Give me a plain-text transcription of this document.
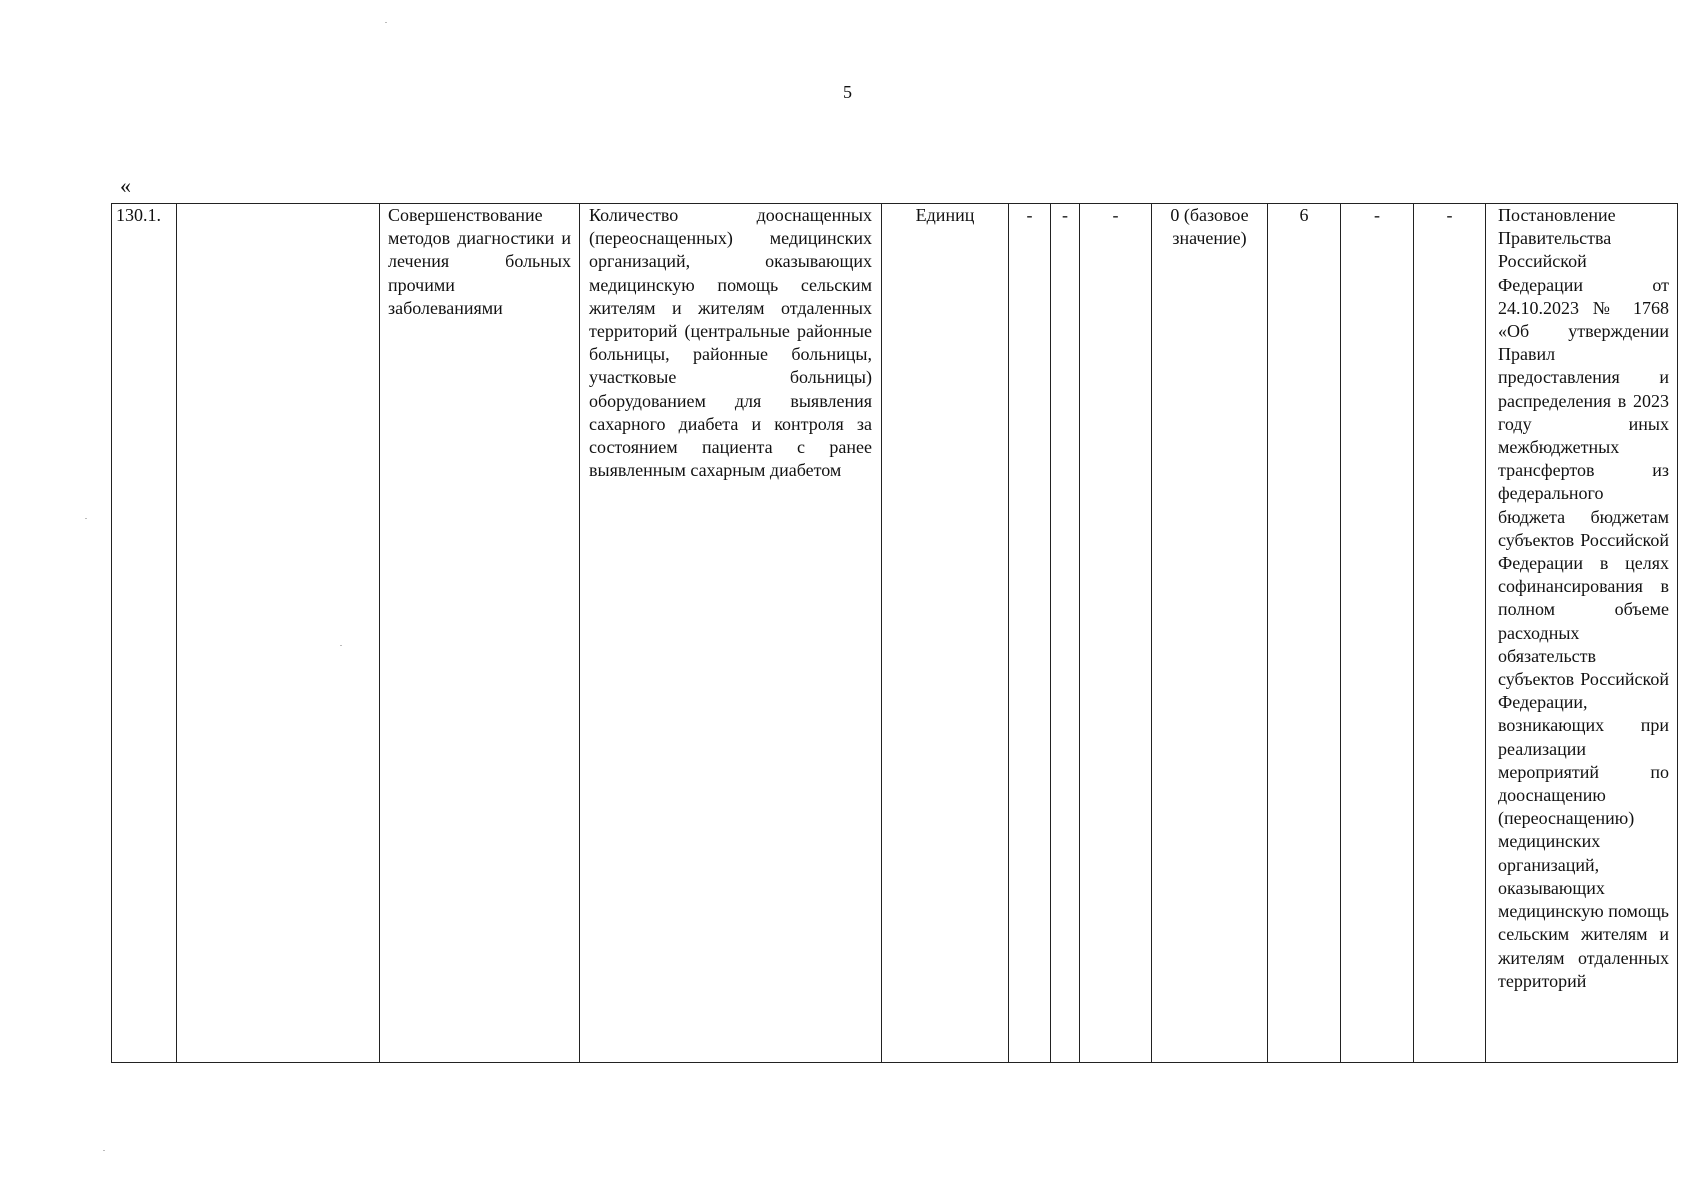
5
«
130.1.		Совершенствование методов диагностики и лечения больных прочими заболеваниями	Количество дооснащенных (переоснащенных) медицинских организаций, оказывающих медицинскую помощь сельским жителям и жителям отдаленных территорий (центральные районные больницы, районные больницы, участковые больницы) оборудованием для выявления сахарного диабета и контроля за состоянием пациента с ранее выявленным сахарным диабетом	Единиц	-	-	-	0 (базовое значение)	6	-	-	Постановление Правительства Российской Федерации от 24.10.2023 № 1768 «Об утверждении Правил предоставления и распределения в 2023 году иных межбюджетных трансфертов из федерального бюджета бюджетам субъектов Российской Федерации в целях софинансирования в полном объеме расходных обязательств субъектов Российской Федерации, возникающих при реализации мероприятий по дооснащению (переоснащению) медицинских организаций, оказывающих медицинскую помощь сельским жителям и жителям отдаленных территорий
